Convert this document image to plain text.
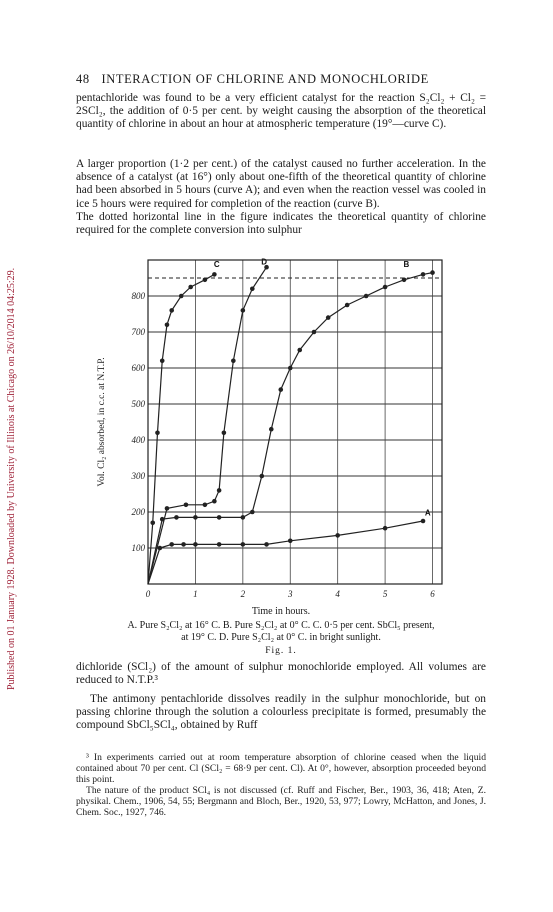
Published on 01 January 1928. Downloaded by University of Illinois at Chicago on 26/10/2014 04:25:29.
48 INTERACTION OF CHLORINE AND MONOCHLORIDE

pentachloride was found to be a very efficient catalyst for the reaction S₂Cl₂ + Cl₂ = 2SCl₂, the addition of 0·5 per cent. by weight causing the absorption of the theoretical quantity of chlorine in about an hour at atmospheric temperature (19°—curve C).

A larger proportion (1·2 per cent.) of the catalyst caused no further acceleration. In the absence of a catalyst (at 16°) only about one-fifth of the theoretical quantity of chlorine had been absorbed in 5 hours (curve A); and even when the reaction vessel was cooled in ice 5 hours were required for completion of the reaction (curve B).

The dotted horizontal line in the figure indicates the theoretical quantity of chlorine required for the complete conversion into sulphur

A
B
C	D
100
200
300
400
500
600
700
800
0	1	2	3	4	5	6
Vol. Cl₂ absorbed, in c.c. at N.T.P.
Time in hours.
A. Pure S₂Cl₂ at 16° C. B. Pure S₂Cl₂ at 0° C. C. 0·5 per cent. SbCl₅ present,
at 19° C. D. Pure S₂Cl₂ at 0° C. in bright sunlight.
Fig. 1.

dichloride (SCl₂) of the amount of sulphur monochloride employed. All volumes are reduced to N.T.P.³

The antimony pentachloride dissolves readily in the sulphur monochloride, but on passing chlorine through the solution a colourless precipitate is formed, presumably the compound SbCl₅SCl₄, obtained by Ruff

³ In experiments carried out at room temperature absorption of chlorine ceased when the liquid contained about 70 per cent. Cl (SCl₂ = 68·9 per cent. Cl). At 0°, however, absorption proceeded beyond this point.

The nature of the product SCl₄ is not discussed (cf. Ruff and Fischer, Ber., 1903, 36, 418; Aten, Z. physikal. Chem., 1906, 54, 55; Bergmann and Bloch, Ber., 1920, 53, 977; Lowry, McHatton, and Jones, J. Chem. Soc., 1927, 746.
